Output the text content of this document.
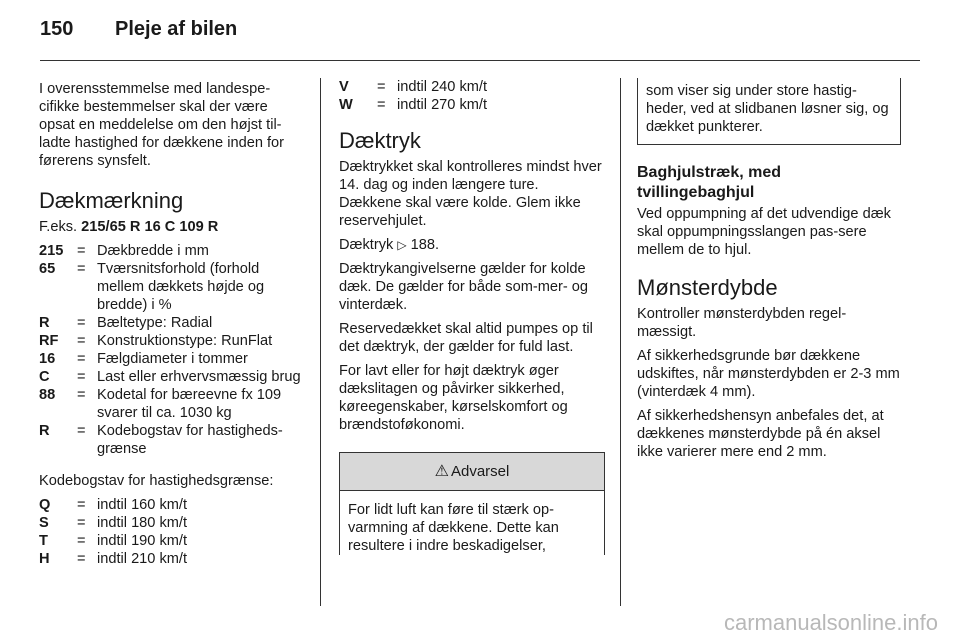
150	Pleje af bilen

I overensstemmelse med landespe-cifikke bestemmelser skal der være opsat en meddelelse om den højst til-ladte hastighed for dækkene inden for førerens synsfelt.

Dækmærkning

F.eks. 215/65 R 16 C 109 R

215 = Dækbredde i mm
65	= Tværsnitsforhold (forhold mellem dækkets højde og bredde) i %
R	= Bæltetype: Radial
RF	= Konstruktionstype: RunFlat
16	= Fælgdiameter i tommer
C	= Last eller erhvervsmæssig brug
88	= Kodetal for bæreevne fx 109 svarer til ca. 1030 kg
R	= Kodebogstav for hastigheds-grænse

Kodebogstav for hastighedsgrænse:

Q	= indtil 160 km/t
S	= indtil 180 km/t
T	= indtil 190 km/t
H	= indtil 210 km/t
V	= indtil 240 km/t
W	= indtil 270 km/t
Dæktryk

Dæktrykket skal kontrolleres mindst hver 14. dag og inden længere ture. Dækkene skal være kolde. Glem ikke reservehjulet.

Dæktryk ▷ 188.

Dæktrykangivelserne gælder for kolde dæk. De gælder for både som-mer- og vinterdæk.

Reservedækket skal altid pumpes op til det dæktryk, der gælder for fuld last.

For lavt eller for højt dæktryk øger dækslitagen og påvirker sikkerhed, køreegenskaber, kørselskomfort og brændstoføkonomi.

⚠ Advarsel

For lidt luft kan føre til stærk op-varmning af dækkene. Dette kan resultere i indre beskadigelser,

som viser sig under store hastig-heder, ved at slidbanen løsner sig, og dækket punkterer.

Baghjulstræk, med tvillingebaghjul

Ved oppumpning af det udvendige dæk skal oppumpningsslangen pas-sere mellem de to hjul.

Mønsterdybde

Kontroller mønsterdybden regel-mæssigt.

Af sikkerhedsgrunde bør dækkene udskiftes, når mønsterdybden er 2-3 mm (vinterdæk 4 mm).

Af sikkerhedshensyn anbefales det, at dækkenes mønsterdybde på én aksel ikke varierer mere end 2 mm.

carmanualsonline.info
